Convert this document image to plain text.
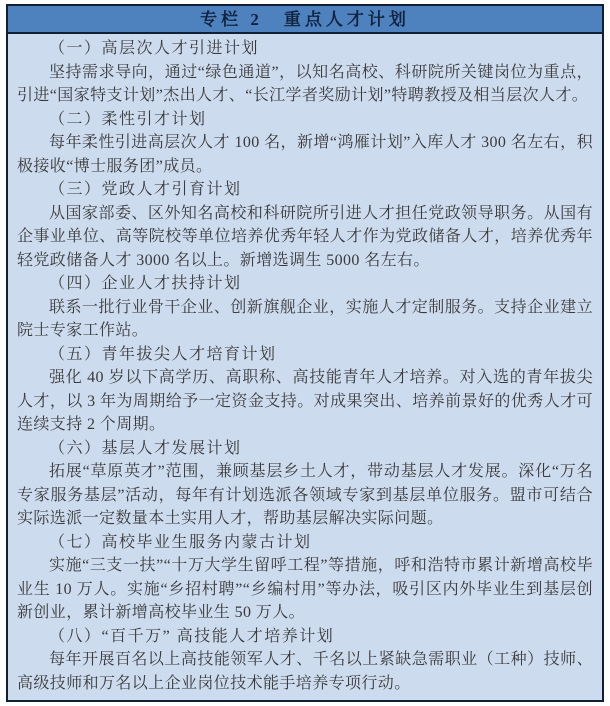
专栏 2　重点人才计划
（一）高层次人才引进计划

坚持需求导向，通过“绿色通道”，以知名高校、科研院所关键岗位为重点，引进“国家特支计划”杰出人才、“长江学者奖励计划”特聘教授及相当层次人才。

（二）柔性引才计划

每年柔性引进高层次人才 100 名，新增“鸿雁计划”入库人才 300 名左右，积极接收“博士服务团”成员。

（三）党政人才引育计划

从国家部委、区外知名高校和科研院所引进人才担任党政领导职务。从国有企事业单位、高等院校等单位培养优秀年轻人才作为党政储备人才，培养优秀年轻党政储备人才 3000 名以上。新增选调生 5000 名左右。

（四）企业人才扶持计划

联系一批行业骨干企业、创新旗舰企业，实施人才定制服务。支持企业建立院士专家工作站。

（五）青年拔尖人才培育计划

强化 40 岁以下高学历、高职称、高技能青年人才培养。对入选的青年拔尖人才，以 3 年为周期给予一定资金支持。对成果突出、培养前景好的优秀人才可连续支持 2 个周期。

（六）基层人才发展计划

拓展“草原英才”范围，兼顾基层乡土人才，带动基层人才发展。深化“万名专家服务基层”活动，每年有计划选派各领域专家到基层单位服务。盟市可结合实际选派一定数量本土实用人才，帮助基层解决实际问题。

（七）高校毕业生服务内蒙古计划

实施“三支一扶”“十万大学生留呼工程”等措施，呼和浩特市累计新增高校毕业生 10 万人。实施“乡招村聘”“乡编村用”等办法，吸引区内外毕业生到基层创新创业，累计新增高校毕业生 50 万人。

（八）“百千万” 高技能人才培养计划

每年开展百名以上高技能领军人才、千名以上紧缺急需职业（工种）技师、高级技师和万名以上企业岗位技术能手培养专项行动。
